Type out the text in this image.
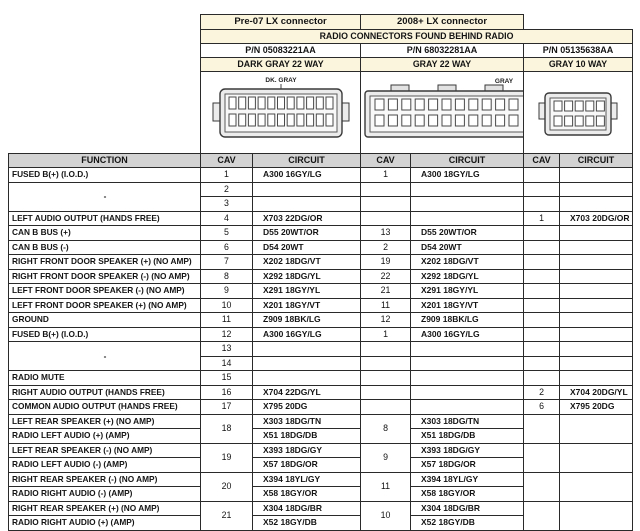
	Pre-07 LX connector		2008+ LX connector			
	RADIO CONNECTORS FOUND BEHIND RADIO					
	P/N 05083221AA		P/N 68032281AA		P/N 05135638AA	
	DARK GRAY 22 WAY		GRAY 22 WAY		GRAY 10 WAY	

DK. GRAY		GRAY

FUNCTION	CAV	CIRCUIT	CAV	CIRCUIT	CAV	CIRCUIT
FUSED B(+) (I.O.D.)	1	A300 16GY/LG	1	A300 18GY/LG		
-	2					
	3					
LEFT AUDIO OUTPUT (HANDS FREE)	4	X703 22DG/OR			1	X703 20DG/OR
CAN B BUS (+)	5	D55 20WT/OR	13	D55 20WT/OR		
CAN B BUS (-)	6	D54 20WT	2	D54 20WT		
RIGHT FRONT DOOR SPEAKER (+) (NO AMP)	7	X202 18DG/VT	19	X202 18DG/VT		
RIGHT FRONT DOOR SPEAKER (-) (NO AMP)	8	X292 18DG/YL	22	X292 18DG/YL		
LEFT FRONT DOOR SPEAKER (-) (NO AMP)	9	X291 18GY/YL	21	X291 18GY/YL		
LEFT FRONT DOOR SPEAKER (+) (NO AMP)	10	X201 18GY/VT	11	X201 18GY/VT		
GROUND	11	Z909 18BK/LG	12	Z909 18BK/LG		
FUSED B(+) (I.O.D.)	12	A300 16GY/LG	1	A300 16GY/LG		
-	13					
	14					
RADIO MUTE	15					
RIGHT AUDIO OUTPUT (HANDS FREE)	16	X704 22DG/YL			2	X704 20DG/YL
COMMON AUDIO OUTPUT (HANDS FREE)	17	X795 20DG			6	X795 20DG
LEFT REAR SPEAKER (+) (NO AMP)	18	X303 18DG/TN	8	X303 18DG/TN		
RADIO LEFT AUDIO (+) (AMP)		X51 18DG/DB		X51 18DG/DB		
LEFT REAR SPEAKER (-) (NO AMP)	19	X393 18DG/GY	9	X393 18DG/GY		
RADIO LEFT AUDIO (-) (AMP)		X57 18DG/OR		X57 18DG/OR		
RIGHT REAR SPEAKER (-) (NO AMP)	20	X394 18YL/GY	11	X394 18YL/GY		
RADIO RIGHT AUDIO (-) (AMP)		X58 18GY/OR		X58 18GY/OR		
RIGHT REAR SPEAKER (+) (NO AMP)	21	X304 18DG/BR	10	X304 18DG/BR		
RADIO RIGHT AUDIO (+) (AMP)		X52 18GY/DB		X52 18GY/DB		
